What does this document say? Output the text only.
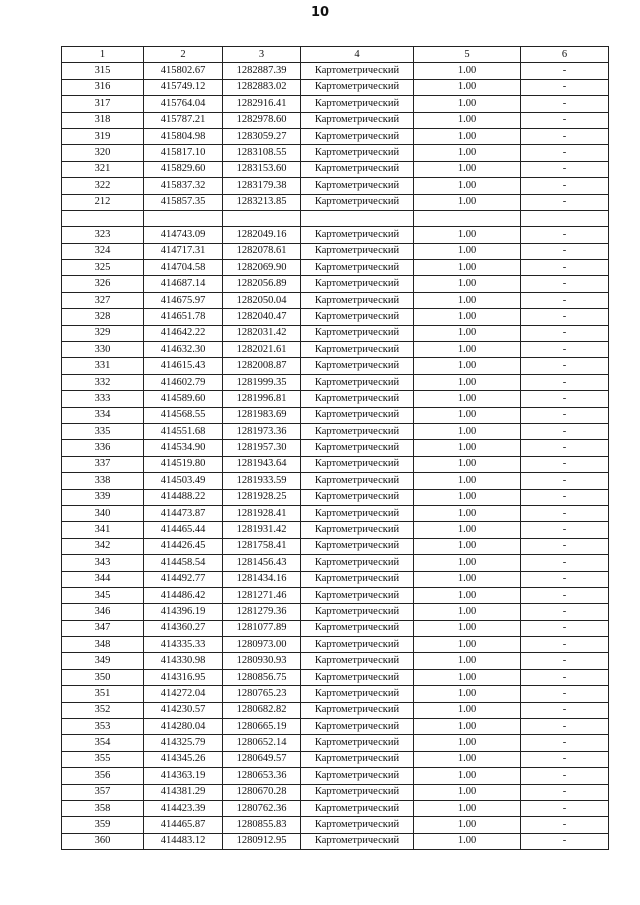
10
1	2	3	4	5	6
315	415802.67	1282887.39	Картометрический	1.00	-
316	415749.12	1282883.02	Картометрический	1.00	-
317	415764.04	1282916.41	Картометрический	1.00	-
318	415787.21	1282978.60	Картометрический	1.00	-
319	415804.98	1283059.27	Картометрический	1.00	-
320	415817.10	1283108.55	Картометрический	1.00	-
321	415829.60	1283153.60	Картометрический	1.00	-
322	415837.32	1283179.38	Картометрический	1.00	-
212	415857.35	1283213.85	Картометрический	1.00	-

323	414743.09	1282049.16	Картометрический	1.00	-
324	414717.31	1282078.61	Картометрический	1.00	-
325	414704.58	1282069.90	Картометрический	1.00	-
326	414687.14	1282056.89	Картометрический	1.00	-
327	414675.97	1282050.04	Картометрический	1.00	-
328	414651.78	1282040.47	Картометрический	1.00	-
329	414642.22	1282031.42	Картометрический	1.00	-
330	414632.30	1282021.61	Картометрический	1.00	-
331	414615.43	1282008.87	Картометрический	1.00	-
332	414602.79	1281999.35	Картометрический	1.00	-
333	414589.60	1281996.81	Картометрический	1.00	-
334	414568.55	1281983.69	Картометрический	1.00	-
335	414551.68	1281973.36	Картометрический	1.00	-
336	414534.90	1281957.30	Картометрический	1.00	-
337	414519.80	1281943.64	Картометрический	1.00	-
338	414503.49	1281933.59	Картометрический	1.00	-
339	414488.22	1281928.25	Картометрический	1.00	-
340	414473.87	1281928.41	Картометрический	1.00	-
341	414465.44	1281931.42	Картометрический	1.00	-
342	414426.45	1281758.41	Картометрический	1.00	-
343	414458.54	1281456.43	Картометрический	1.00	-
344	414492.77	1281434.16	Картометрический	1.00	-
345	414486.42	1281271.46	Картометрический	1.00	-
346	414396.19	1281279.36	Картометрический	1.00	-
347	414360.27	1281077.89	Картометрический	1.00	-
348	414335.33	1280973.00	Картометрический	1.00	-
349	414330.98	1280930.93	Картометрический	1.00	-
350	414316.95	1280856.75	Картометрический	1.00	-
351	414272.04	1280765.23	Картометрический	1.00	-
352	414230.57	1280682.82	Картометрический	1.00	-
353	414280.04	1280665.19	Картометрический	1.00	-
354	414325.79	1280652.14	Картометрический	1.00	-
355	414345.26	1280649.57	Картометрический	1.00	-
356	414363.19	1280653.36	Картометрический	1.00	-
357	414381.29	1280670.28	Картометрический	1.00	-
358	414423.39	1280762.36	Картометрический	1.00	-
359	414465.87	1280855.83	Картометрический	1.00	-
360	414483.12	1280912.95	Картометрический	1.00	-
